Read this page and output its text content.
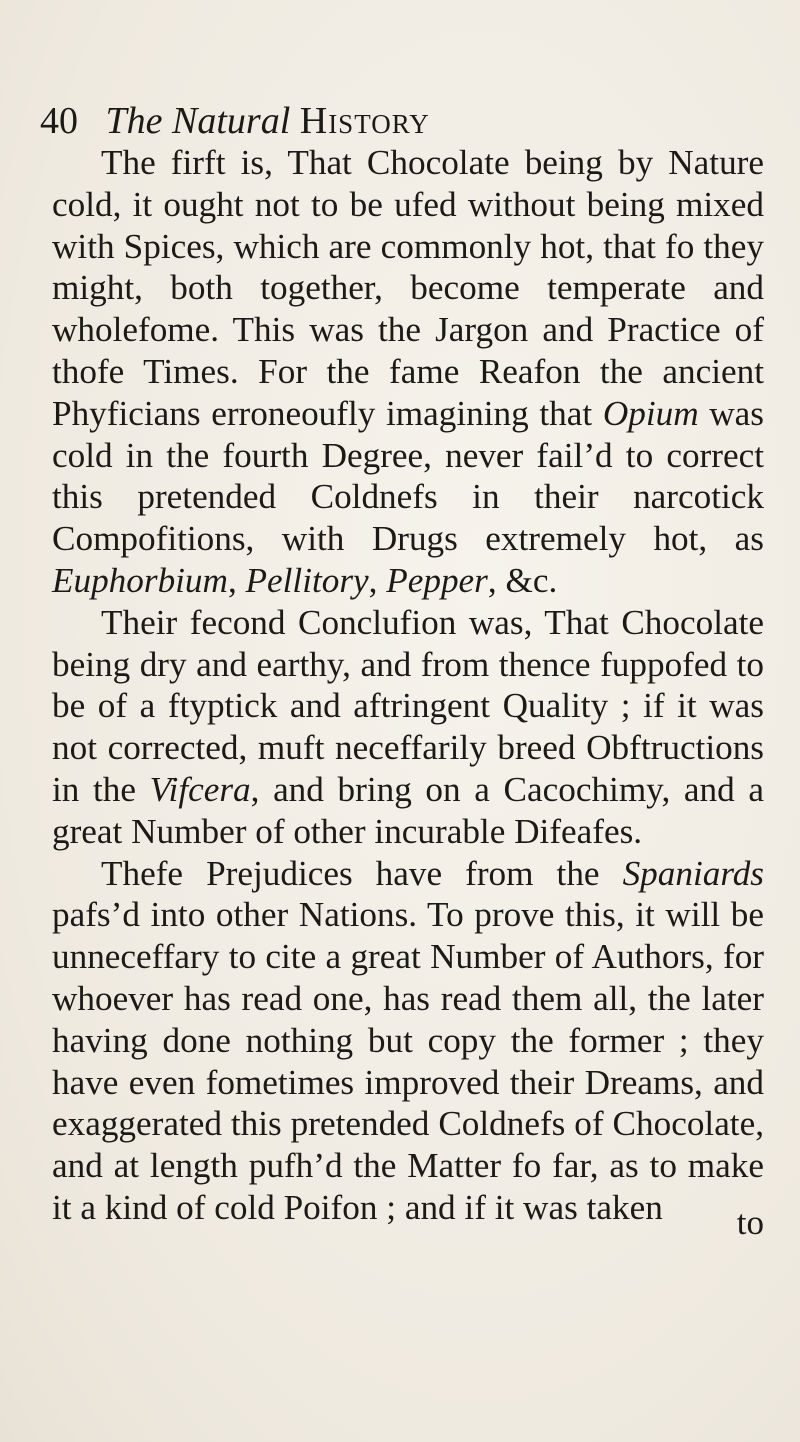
40 The Natural History

The firft is, That Chocolate being by Nature cold, it ought not to be ufed without being mixed with Spices, which are commonly hot, that fo they might, both together, become temperate and wholefome. This was the Jargon and Practice of thofe Times. For the fame Reafon the ancient Phyficians erroneoufly imagining that Opium was cold in the fourth Degree, never fail’d to correct this pretended Coldnefs in their narcotick Compofitions, with Drugs extremely hot, as Euphorbium, Pellitory, Pepper, &c.

Their fecond Conclufion was, That Chocolate being dry and earthy, and from thence fuppofed to be of a ftyptick and aftringent Quality ; if it was not corrected, muft neceffarily breed Obftructions in the Vifcera, and bring on a Cacochimy, and a great Number of other incurable Difeafes.

Thefe Prejudices have from the Spaniards pafs’d into other Nations. To prove this, it will be unneceffary to cite a great Number of Authors, for whoever has read one, has read them all, the later having done nothing but copy the former ; they have even fometimes improved their Dreams, and exaggerated this pretended Coldnefs of Chocolate, and at length pufh’d the Matter fo far, as to make it a kind of cold Poifon ; and if it was taken	to
